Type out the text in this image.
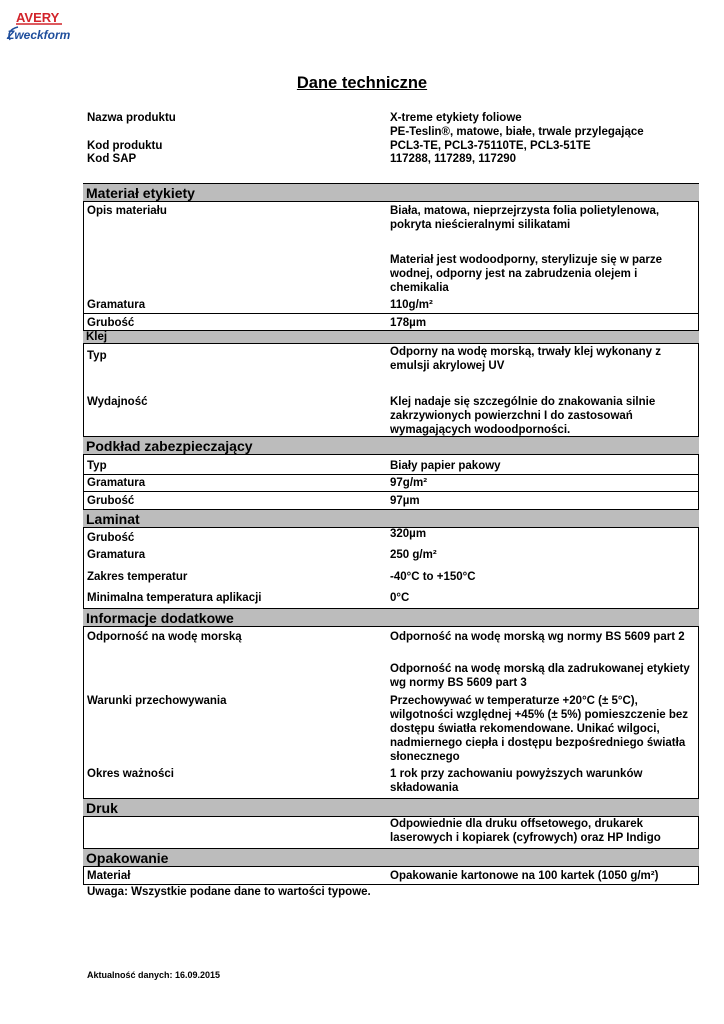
AVERY
Zweckform
Dane techniczne
Nazwa produktu	X-treme etykiety foliowe
PE-Teslin®, matowe, białe, trwale przylegające
Kod produktu	PCL3-TE, PCL3-75110TE, PCL3-51TE
Kod SAP	117288, 117289, 117290
Materiał etykiety
Opis materiału	Biała, matowa, nieprzejrzysta folia polietylenowa, pokryta nieścieralnymi silikatami
Materiał jest wodoodporny, sterylizuje się w parze wodnej, odporny jest na zabrudzenia olejem i chemikalia
Gramatura	110g/m²
Grubość	178µm
Klej
Typ	Odporny na wodę morską, trwały klej wykonany z emulsji akrylowej UV
Wydajność	Klej nadaje się szczególnie do znakowania silnie zakrzywionych powierzchni I do zastosowań wymagających wodoodporności.
Podkład zabezpieczający
Typ	Biały papier pakowy
Gramatura	97g/m²
Grubość	97µm
Laminat
Grubość	320µm
Gramatura	250 g/m²
Zakres temperatur	-40°C to +150°C
Minimalna temperatura aplikacji	0°C
Informacje dodatkowe
Odporność na wodę morską	Odporność na wodę morską wg normy BS 5609 part 2
Odporność na wodę morską dla zadrukowanej etykiety wg normy BS 5609 part 3
Warunki przechowywania	Przechowywać w temperaturze +20°C (± 5°C), wilgotności względnej +45% (± 5%) pomieszczenie bez dostępu światła rekomendowane. Unikać wilgoci, nadmiernego ciepła i dostępu bezpośredniego światła słonecznego
Okres ważności	1 rok przy zachowaniu powyższych warunków składowania
Druk
Odpowiednie dla druku offsetowego, drukarek laserowych i kopiarek (cyfrowych) oraz HP Indigo
Opakowanie
Materiał	Opakowanie kartonowe na 100 kartek (1050 g/m²)
Uwaga: Wszystkie podane dane to wartości typowe.
Aktualność danych: 16.09.2015
